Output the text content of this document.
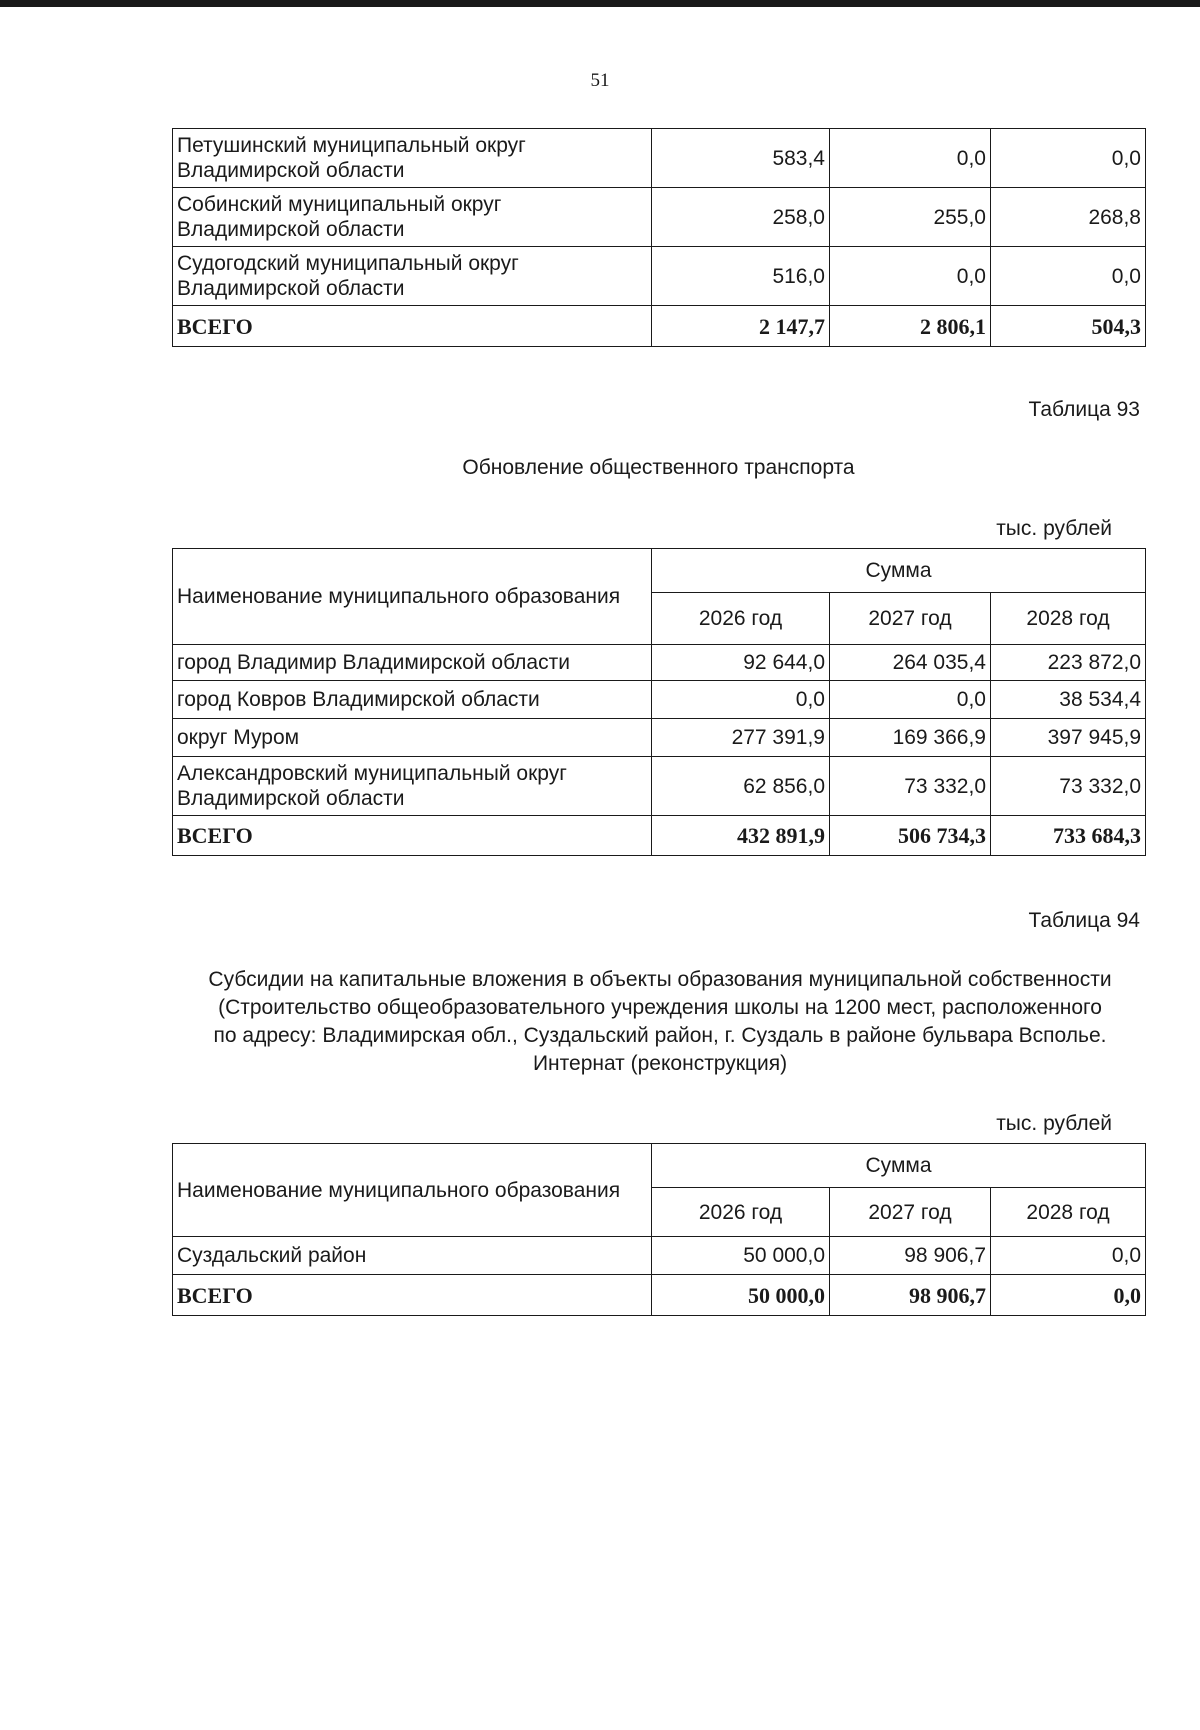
51
Петушинский муниципальный округ
Владимирской области	583,4	0,0	0,0
Собинский муниципальный округ
Владимирской области	258,0	255,0	268,8
Судогодский муниципальный округ
Владимирской области	516,0	0,0	0,0
ВСЕГО	2 147,7	2 806,1	504,3
Таблица 93
Обновление общественного транспорта
тыс. рублей
Наименование муниципального образования	Сумма		
	2026 год	2027 год	2028 год
город Владимир Владимирской области	92 644,0	264 035,4	223 872,0
город Ковров Владимирской области	0,0	0,0	38 534,4
округ Муром	277 391,9	169 366,9	397 945,9
Александровский муниципальный округ
Владимирской области	62 856,0	73 332,0	73 332,0
ВСЕГО	432 891,9	506 734,3	733 684,3
Таблица 94
Субсидии на капитальные вложения в объекты образования муниципальной собственности
(Строительство общеобразовательного учреждения школы на 1200 мест, расположенного
по адресу: Владимирская обл., Суздальский район, г. Суздаль в районе бульвара Всполье.
Интернат (реконструкция)
тыс. рублей
Наименование муниципального образования	Сумма		
	2026 год	2027 год	2028 год
Суздальский район	50 000,0	98 906,7	0,0
ВСЕГО	50 000,0	98 906,7	0,0
